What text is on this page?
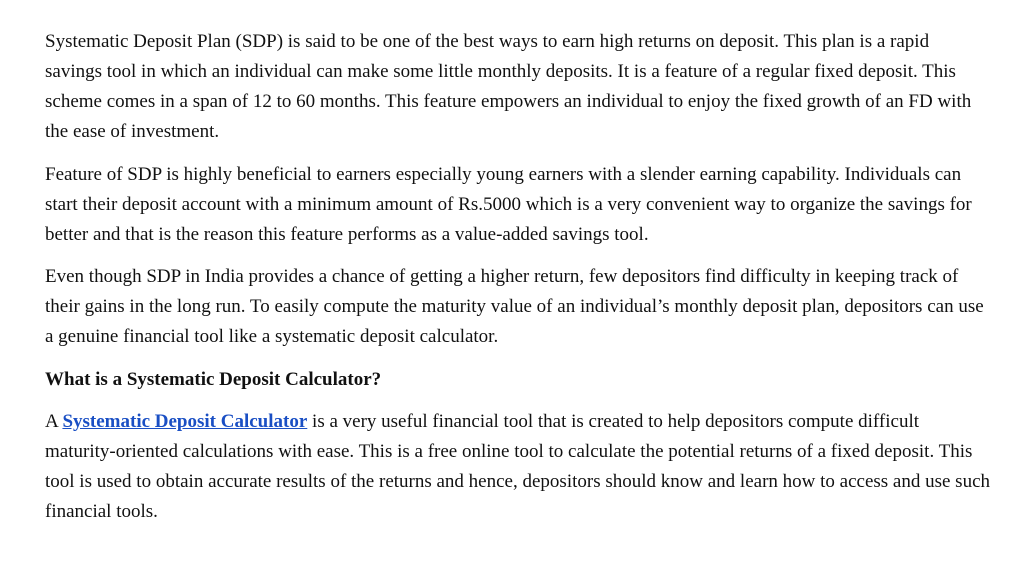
Systematic Deposit Plan (SDP) is said to be one of the best ways to earn high returns on deposit. This plan is a rapid savings tool in which an individual can make some little monthly deposits. It is a feature of a regular fixed deposit. This scheme comes in a span of 12 to 60 months. This feature empowers an individual to enjoy the fixed growth of an FD with the ease of investment.

Feature of SDP is highly beneficial to earners especially young earners with a slender earning capability. Individuals can start their deposit account with a minimum amount of Rs.5000 which is a very convenient way to organize the savings for better and that is the reason this feature performs as a value-added savings tool.

Even though SDP in India provides a chance of getting a higher return, few depositors find difficulty in keeping track of their gains in the long run. To easily compute the maturity value of an individual’s monthly deposit plan, depositors can use a genuine financial tool like a systematic deposit calculator.

What is a Systematic Deposit Calculator?

A Systematic Deposit Calculator is a very useful financial tool that is created to help depositors compute difficult maturity-oriented calculations with ease. This is a free online tool to calculate the potential returns of a fixed deposit. This tool is used to obtain accurate results of the returns and hence, depositors should know and learn how to access and use such financial tools.
